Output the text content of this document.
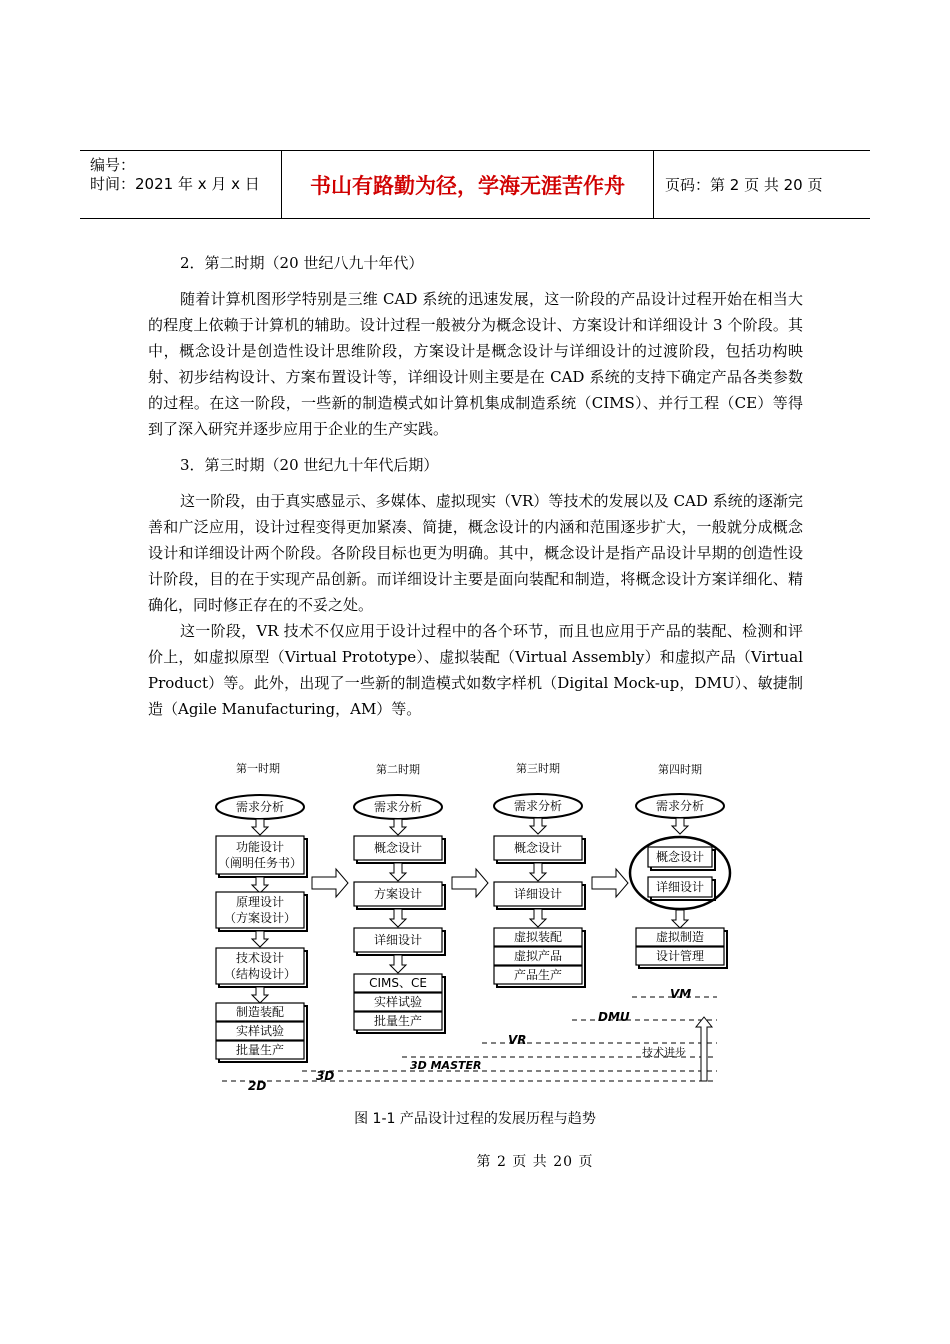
编号：
时间：2021 年 x 月 x 日	书山有路勤为径，学海无涯苦作舟	页码：第 2 页 共 20 页

2．第二时期（20 世纪八九十年代）

随着计算机图形学特别是三维 CAD 系统的迅速发展，这一阶段的产品设计过程开始在相当大的程度上依赖于计算机的辅助。设计过程一般被分为概念设计、方案设计和详细设计 3 个阶段。其中，概念设计是创造性设计思维阶段，方案设计是概念设计与详细设计的过渡阶段，包括功构映射、初步结构设计、方案布置设计等，详细设计则主要是在 CAD 系统的支持下确定产品各类参数的过程。在这一阶段，一些新的制造模式如计算机集成制造系统（CIMS）、并行工程（CE）等得到了深入研究并逐步应用于企业的生产实践。

3．第三时期（20 世纪九十年代后期）

这一阶段，由于真实感显示、多媒体、虚拟现实（VR）等技术的发展以及 CAD 系统的逐渐完善和广泛应用，设计过程变得更加紧凑、简捷，概念设计的内涵和范围逐步扩大，一般就分成概念设计和详细设计两个阶段。各阶段目标也更为明确。其中，概念设计是指产品设计早期的创造性设计阶段，目的在于实现产品创新。而详细设计主要是面向装配和制造，将概念设计方案详细化、精确化，同时修正存在的不妥之处。

这一阶段，VR 技术不仅应用于设计过程中的各个环节，而且也应用于产品的装配、检测和评价上，如虚拟原型（Virtual Prototype）、虚拟装配（Virtual Assembly）和虚拟产品（Virtual Product）等。此外，出现了一些新的制造模式如数字样机（Digital Mock-up，DMU）、敏捷制造（Agile Manufacturing，AM）等。

第一时期	第二时期	第三时期	第四时期
需求分析
功能设计
（阐明任务书）
原理设计
（方案设计）
技术设计
（结构设计）
制造装配
实样试验
批量生产
需求分析
概念设计
方案设计
详细设计
CIMS、CE
实样试验
批量生产
需求分析
概念设计
详细设计
虚拟装配
虚拟产品
产品生产
需求分析
概念设计
详细设计
虚拟制造
设计管理
VM
DMU
VR
3D MASTER
3D
2D
技术进步
图 1-1 产品设计过程的发展历程与趋势
第 2 页 共 20 页
